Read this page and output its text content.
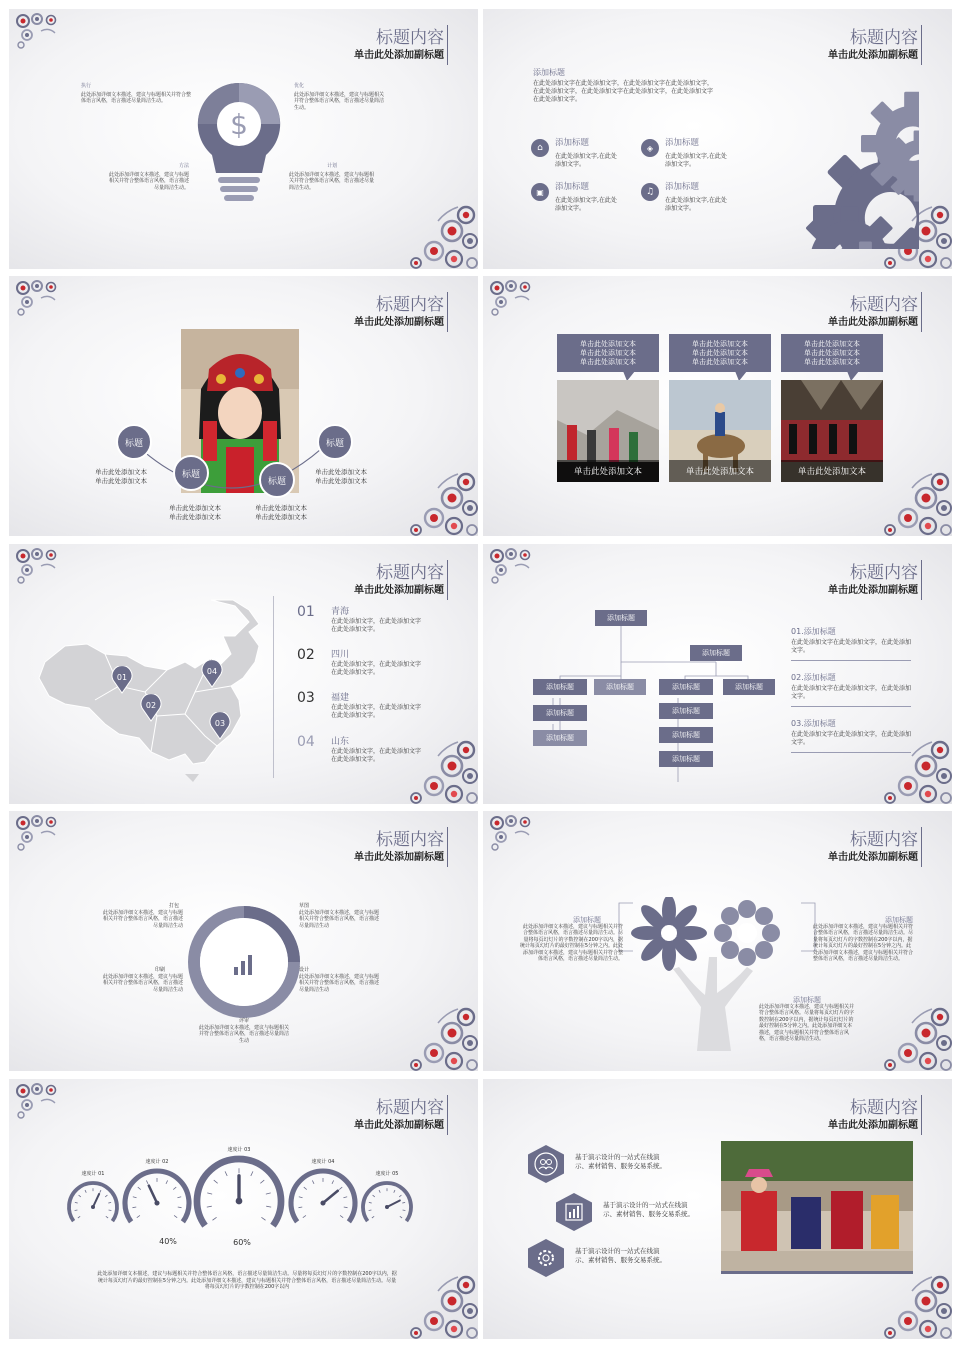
标题内容
单击此处添加副标题
$
执行
此处添加详细文本描述，建议与标题相关并符合整体语言风格，语言描述尽量简洁生动。
优化
此处添加详细文本描述，建议与标题相关并符合整体语言风格，语言描述尽量简洁生动。
方法
此处添加详细文本描述，建议与标题相关并符合整体语言风格，语言描述尽量简洁生动。
计划
此处添加详细文本描述，建议与标题相关并符合整体语言风格，语言描述尽量简洁生动。
标题内容
单击此处添加副标题
添加标题
在此处添加文字在此处添加文字，在此处添加文字在此处添加文字，在此处添加文字，在此处添加文字在此处添加文字，在此处添加文字在此处添加文字。
⌂	添加标题
在此处添加文字,在此处添加文字。
◈	添加标题
在此处添加文字,在此处添加文字。
▣	添加标题
在此处添加文字,在此处添加文字。
♫	添加标题
在此处添加文字,在此处添加文字。
标题内容
单击此处添加副标题
标题
标题
标题
标题
单击此处添加文本
单击此处添加文本
单击此处添加文本
单击此处添加文本
单击此处添加文本
单击此处添加文本
单击此处添加文本
单击此处添加文本
标题内容
单击此处添加副标题
单击此处添加文本
单击此处添加文本
单击此处添加文本
单击此处添加文本
单击此处添加文本
单击此处添加文本
单击此处添加文本
单击此处添加文本
单击此处添加文本
单击此处添加文本
单击此处添加文本
单击此处添加文本
标题内容
单击此处添加副标题
01
02
03
04
01 青海
在此处添加文字，在此处添加文字在此处添加文字。
02 四川
在此处添加文字，在此处添加文字在此处添加文字。
03 福建
在此处添加文字，在此处添加文字在此处添加文字。
04 山东
在此处添加文字，在此处添加文字在此处添加文字。
标题内容
单击此处添加副标题
添加标题
添加标题
添加标题	添加标题	添加标题	添加标题
添加标题
添加标题
添加标题
添加标题
添加标题
01.添加标题
在此处添加文字在此处添加文字，在此处添加文字。
02.添加标题
在此处添加文字在此处添加文字，在此处添加文字。
03.添加标题
在此处添加文字在此处添加文字，在此处添加文字。
标题内容
单击此处添加副标题
打包
此处添加详细文本描述，建议与标题相关并符合整体语言风格，语言描述尽量简洁生动
草图
此处添加详细文本描述，建议与标题相关并符合整体语言风格，语言描述尽量简洁生动
印刷
此处添加详细文本描述，建议与标题相关并符合整体语言风格，语言描述尽量简洁生动
设计
此处添加详细文本描述，建议与标题相关并符合整体语言风格，语言描述尽量简洁生动
评审
此处添加详细文本描述，建议与标题相关并符合整体语言风格，语言描述尽量简洁生动
标题内容
单击此处添加副标题
添加标题
此处添加详细文本描述，建议与标题相关并符合整体语言风格，语言描述尽量简洁生动。尽量将每页幻灯片的字数控制在200字以内，据统计每页幻灯片的最好控制在5分钟之内。此处添加详细文本描述，建议与标题相关并符合整体语言风格，语言描述尽量简洁生动。
添加标题
此处添加详细文本描述，建议与标题相关并符合整体语言风格，语言描述尽量简洁生动。尽量将每页幻灯片的字数控制在200字以内，据统计每页幻灯片的最好控制在5分钟之内。此处添加详细文本描述，建议与标题相关并符合整体语言风格，语言描述尽量简洁生动。
添加标题
此处添加详细文本描述，建议与标题相关并符合整体语言风格。尽量将每页幻灯片的字数控制在200字以内，据统计每页幻灯片的最好控制在5分钟之内。此处添加详细文本描述，建议与标题相关并符合整体语言风格，语言描述尽量简洁生动。
标题内容
单击此处添加副标题
速度计 01
速度计 02
速度计 03
速度计 04
速度计 05
40%	60%
此处添加详细文本描述，建议与标题相关并符合整体语言风格，语言描述尽量简洁生动。尽量将每页幻灯片的字数控制在200字以内，据统计每页幻灯片的最好控制在5分钟之内。此处添加详细文本描述，建议与标题相关并符合整体语言风格，语言描述尽量简洁生动。尽量将每页幻灯片的字数控制在200字以内
标题内容
单击此处添加副标题
基于演示设计的一站式在线演示、素材销售、服务交易系统。
基于演示设计的一站式在线演示、素材销售、服务交易系统。
基于演示设计的一站式在线演示、素材销售、服务交易系统。
